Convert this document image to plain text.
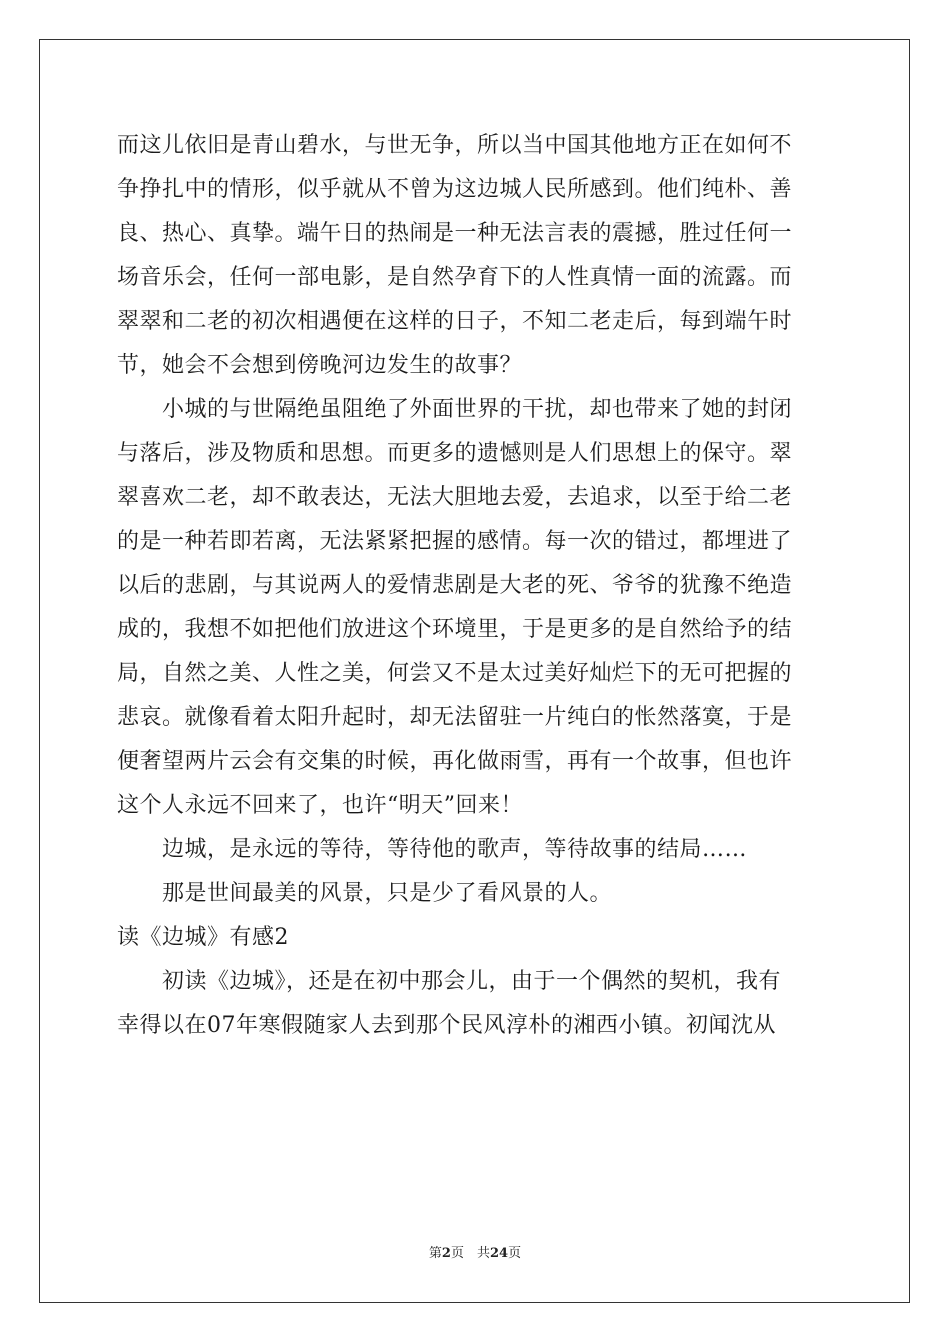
而这儿依旧是青山碧水，与世无争，所以当中国其他地方正在如何不
争挣扎中的情形，似乎就从不曾为这边城人民所感到。他们纯朴、善
良、热心、真挚。端午日的热闹是一种无法言表的震撼，胜过任何一
场音乐会，任何一部电影，是自然孕育下的人性真情一面的流露。而
翠翠和二老的初次相遇便在这样的日子，不知二老走后，每到端午时
节，她会不会想到傍晚河边发生的故事？
　　小城的与世隔绝虽阻绝了外面世界的干扰，却也带来了她的封闭
与落后，涉及物质和思想。而更多的遗憾则是人们思想上的保守。翠
翠喜欢二老，却不敢表达，无法大胆地去爱，去追求，以至于给二老
的是一种若即若离，无法紧紧把握的感情。每一次的错过，都埋进了
以后的悲剧，与其说两人的爱情悲剧是大老的死、爷爷的犹豫不绝造
成的，我想不如把他们放进这个环境里，于是更多的是自然给予的结
局，自然之美、人性之美，何尝又不是太过美好灿烂下的无可把握的
悲哀。就像看着太阳升起时，却无法留驻一片纯白的怅然落寞，于是
便奢望两片云会有交集的时候，再化做雨雪，再有一个故事，但也许
这个人永远不回来了，也许“明天”回来！
　　边城，是永远的等待，等待他的歌声，等待故事的结局……
　　那是世间最美的风景，只是少了看风景的人。
读《边城》有感2
　　初读《边城》，还是在初中那会儿，由于一个偶然的契机，我有
幸得以在07年寒假随家人去到那个民风淳朴的湘西小镇。初闻沈从
第2页　共24页
